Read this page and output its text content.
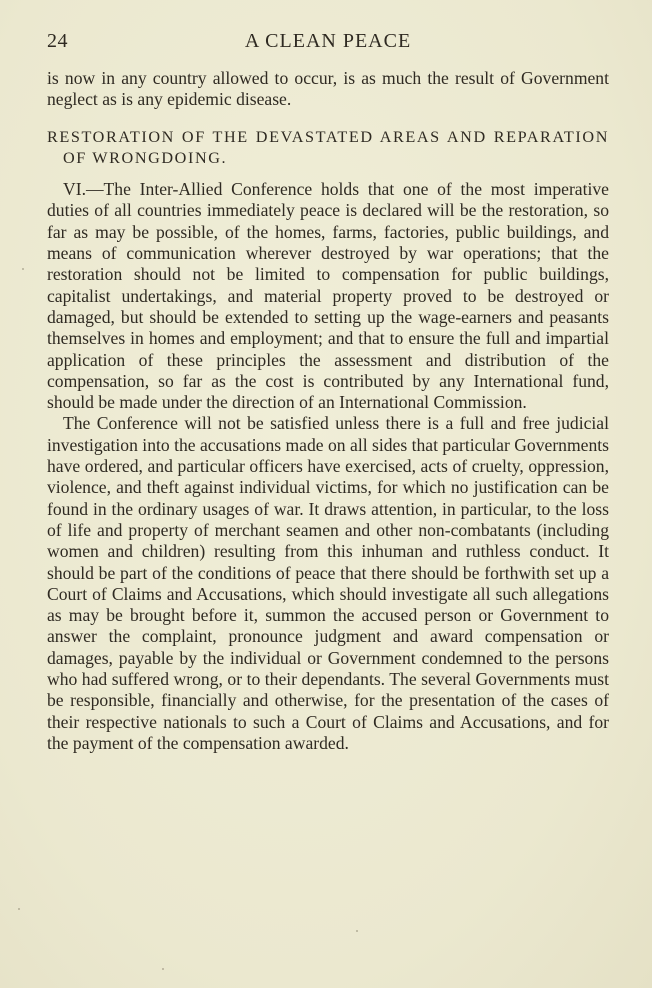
24	A CLEAN PEACE

is now in any country allowed to occur, is as much the result of Government neglect as is any epidemic disease.

RESTORATION OF THE DEVASTATED AREAS AND REPARATION OF WRONGDOING.

VI.—The Inter-Allied Conference holds that one of the most imperative duties of all countries immediately peace is declared will be the restoration, so far as may be possible, of the homes, farms, factories, public buildings, and means of communication wherever destroyed by war operations; that the restoration should not be limited to compensation for public buildings, capitalist undertakings, and material property proved to be destroyed or damaged, but should be extended to setting up the wage-earners and peasants themselves in homes and employment; and that to ensure the full and impartial application of these principles the assessment and distribution of the compensation, so far as the cost is contributed by any International fund, should be made under the direction of an International Commission.

The Conference will not be satisfied unless there is a full and free judicial investigation into the accusations made on all sides that particular Governments have ordered, and particular officers have exercised, acts of cruelty, oppression, violence, and theft against individual victims, for which no justification can be found in the ordinary usages of war. It draws attention, in particular, to the loss of life and property of merchant seamen and other non-combatants (including women and children) resulting from this inhuman and ruthless conduct. It should be part of the conditions of peace that there should be forthwith set up a Court of Claims and Accusations, which should investigate all such allegations as may be brought before it, summon the accused person or Government to answer the complaint, pronounce judgment and award compensation or damages, payable by the individual or Government condemned to the persons who had suffered wrong, or to their dependants. The several Governments must be responsible, financially and otherwise, for the presentation of the cases of their respective nationals to such a Court of Claims and Accusations, and for the payment of the compensation awarded.
